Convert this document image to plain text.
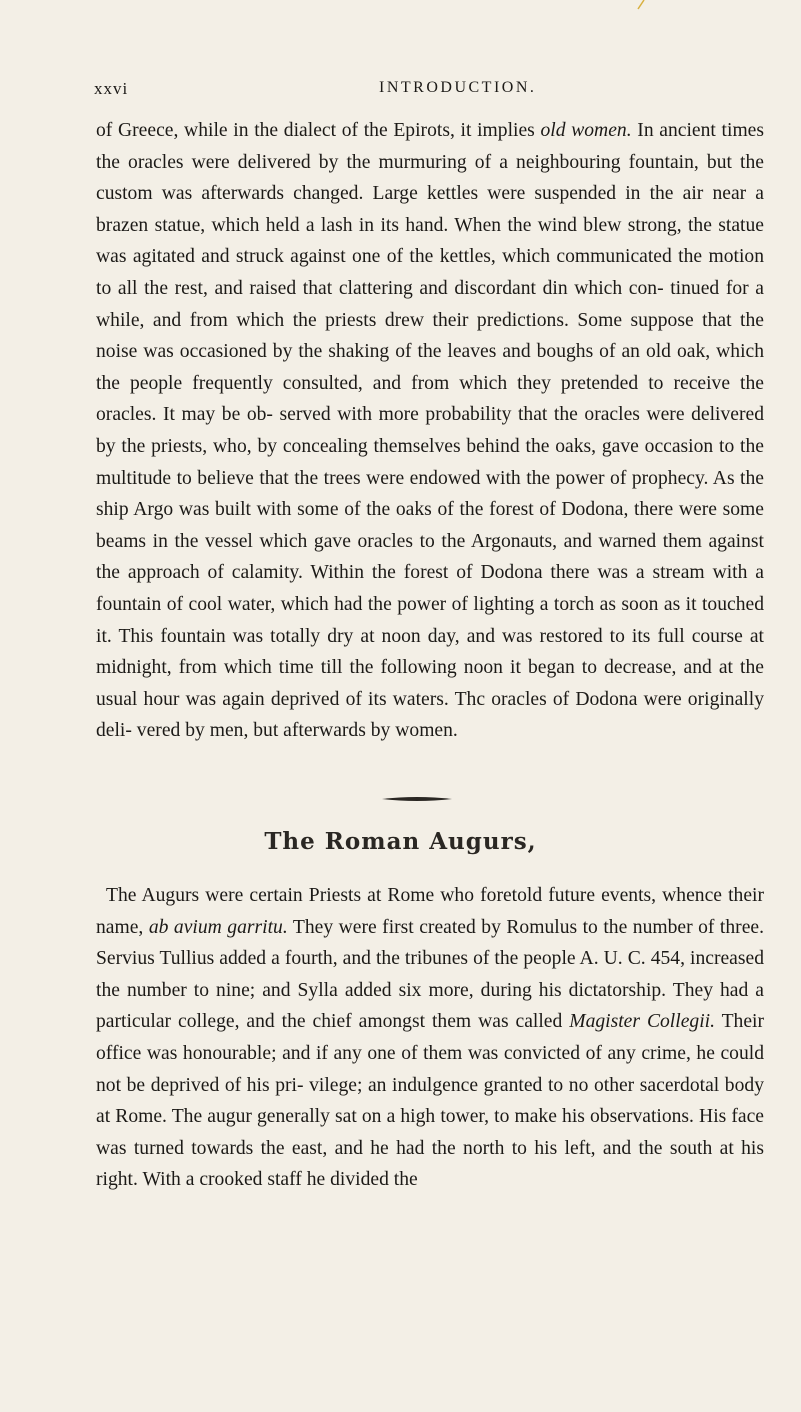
xxvi	INTRODUCTION.

of Greece, while in the dialect of the Epirots, it implies old women. In ancient times the oracles were delivered by the murmuring of a neighbouring fountain, but the custom was afterwards changed. Large kettles were suspended in the air near a brazen statue, which held a lash in its hand. When the wind blew strong, the statue was agitated and struck against one of the kettles, which communicated the motion to all the rest, and raised that clattering and discordant din which con- tinued for a while, and from which the priests drew their predictions. Some suppose that the noise was occasioned by the shaking of the leaves and boughs of an old oak, which the people frequently consulted, and from which they pretended to receive the oracles. It may be ob- served with more probability that the oracles were delivered by the priests, who, by concealing themselves behind the oaks, gave occasion to the multitude to believe that the trees were endowed with the power of prophecy. As the ship Argo was built with some of the oaks of the forest of Dodona, there were some beams in the vessel which gave oracles to the Argonauts, and warned them against the approach of calamity. Within the forest of Dodona there was a stream with a fountain of cool water, which had the power of lighting a torch as soon as it touched it. This fountain was totally dry at noon day, and was restored to its full course at midnight, from which time till the following noon it began to decrease, and at the usual hour was again deprived of its waters. Thc oracles of Dodona were originally deli- vered by men, but afterwards by women.

The Roman Augurs,

The Augurs were certain Priests at Rome who foretold future events, whence their name, ab avium garritu. They were first created by Romulus to the number of three. Servius Tullius added a fourth, and the tribunes of the people A. U. C. 454, increased the number to nine; and Sylla added six more, during his dictatorship. They had a particular college, and the chief amongst them was called Magister Collegii. Their office was honourable; and if any one of them was convicted of any crime, he could not be deprived of his pri- vilege; an indulgence granted to no other sacerdotal body at Rome. The augur generally sat on a high tower, to make his observations. His face was turned towards the east, and he had the north to his left, and the south at his right. With a crooked staff he divided the
